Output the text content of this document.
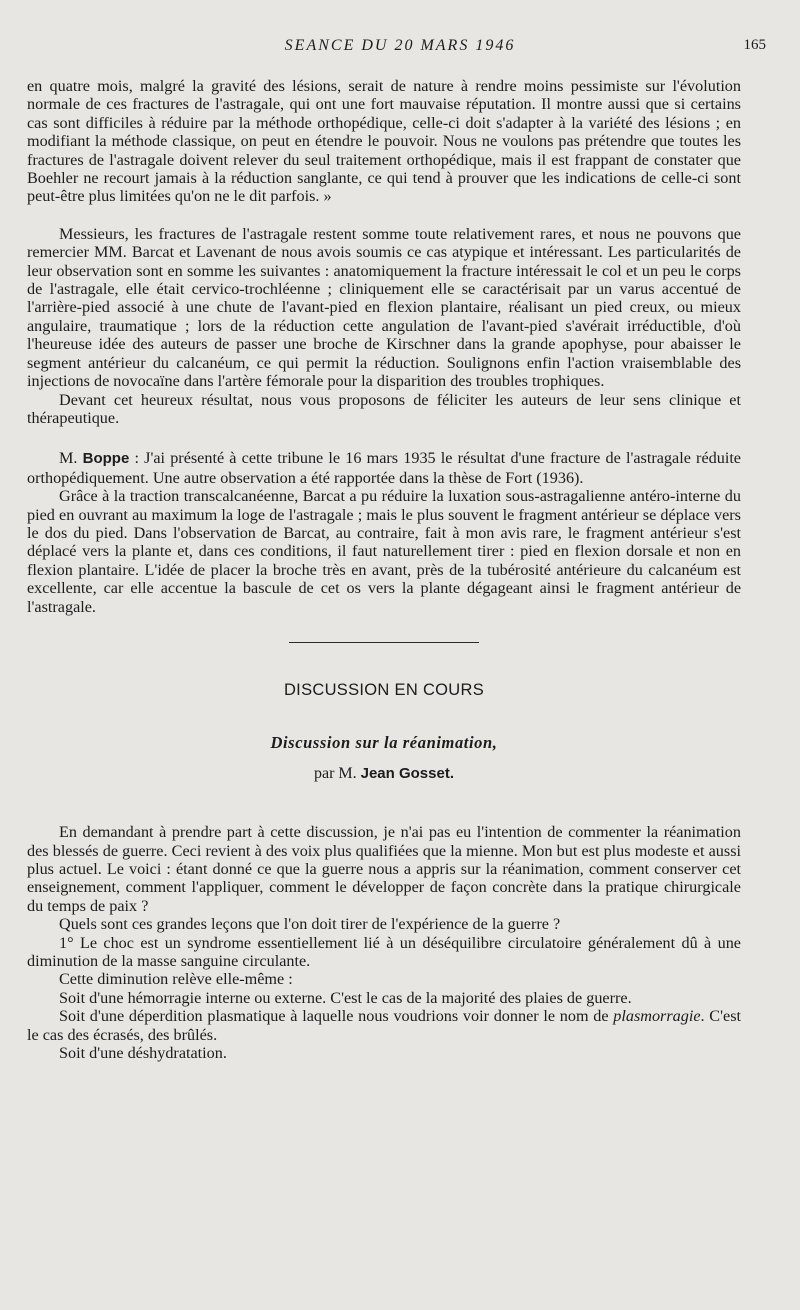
SEANCE DU 20 MARS 1946	165

en quatre mois, malgré la gravité des lésions, serait de nature à rendre moins pessimiste sur l'évolution normale de ces fractures de l'astragale, qui ont une fort mauvaise réputation. Il montre aussi que si certains cas sont difficiles à réduire par la méthode orthopédique, celle-ci doit s'adapter à la variété des lésions ; en modifiant la méthode classique, on peut en étendre le pouvoir. Nous ne voulons pas prétendre que toutes les fractures de l'astragale doivent relever du seul traitement orthopédique, mais il est frappant de constater que Boehler ne recourt jamais à la réduction sanglante, ce qui tend à prouver que les indications de celle-ci sont peut-être plus limitées qu'on ne le dit parfois. »

Messieurs, les fractures de l'astragale restent somme toute relativement rares, et nous ne pouvons que remercier MM. Barcat et Lavenant de nous avois soumis ce cas atypique et intéressant. Les particularités de leur observation sont en somme les suivantes : anatomiquement la fracture intéressait le col et un peu le corps de l'astragale, elle était cervico-trochléenne ; cliniquement elle se caractérisait par un varus accentué de l'arrière-pied associé à une chute de l'avant-pied en flexion plantaire, réalisant un pied creux, ou mieux angulaire, traumatique ; lors de la réduction cette angulation de l'avant-pied s'avérait irréductible, d'où l'heureuse idée des auteurs de passer une broche de Kirschner dans la grande apophyse, pour abaisser le segment antérieur du calcanéum, ce qui permit la réduction. Soulignons enfin l'action vraisemblable des injections de novocaïne dans l'artère fémorale pour la disparition des troubles trophiques.

Devant cet heureux résultat, nous vous proposons de féliciter les auteurs de leur sens clinique et thérapeutique.

M. Boppe : J'ai présenté à cette tribune le 16 mars 1935 le résultat d'une fracture de l'astragale réduite orthopédiquement. Une autre observation a été rapportée dans la thèse de Fort (1936).

Grâce à la traction transcalcanéenne, Barcat a pu réduire la luxation sous-astragalienne antéro-interne du pied en ouvrant au maximum la loge de l'astragale ; mais le plus souvent le fragment antérieur se déplace vers le dos du pied. Dans l'observation de Barcat, au contraire, fait à mon avis rare, le fragment antérieur s'est déplacé vers la plante et, dans ces conditions, il faut naturellement tirer : pied en flexion dorsale et non en flexion plantaire. L'idée de placer la broche très en avant, près de la tubérosité antérieure du calcanéum est excellente, car elle accentue la bascule de cet os vers la plante dégageant ainsi le fragment antérieur de l'astragale.

DISCUSSION EN COURS
Discussion sur la réanimation,
par M. Jean Gosset.

En demandant à prendre part à cette discussion, je n'ai pas eu l'intention de commenter la réanimation des blessés de guerre. Ceci revient à des voix plus qualifiées que la mienne. Mon but est plus modeste et aussi plus actuel. Le voici : étant donné ce que la guerre nous a appris sur la réanimation, comment conserver cet enseignement, comment l'appliquer, comment le développer de façon concrète dans la pratique chirurgicale du temps de paix ?

Quels sont ces grandes leçons que l'on doit tirer de l'expérience de la guerre ?

1° Le choc est un syndrome essentiellement lié à un déséquilibre circulatoire généralement dû à une diminution de la masse sanguine circulante.

Cette diminution relève elle-même :

Soit d'une hémorragie interne ou externe. C'est le cas de la majorité des plaies de guerre.

Soit d'une déperdition plasmatique à laquelle nous voudrions voir donner le nom de plasmorragie. C'est le cas des écrasés, des brûlés.

Soit d'une déshydratation.
